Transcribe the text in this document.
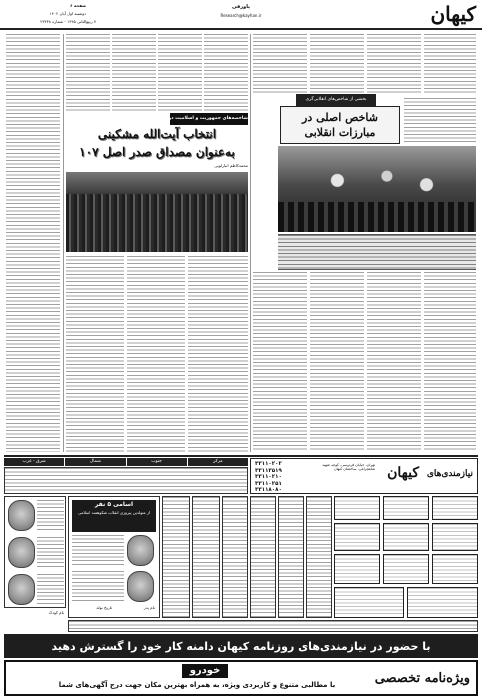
کیهان
پاورقی
Research@kayhan.ir
صفحه ۶
دوشنبه اول آبان ۱۴۰۲
۷ ربیع‌الثانی ۱۴۴۵ - شماره ۲۳۴۳۸
شاخصه‌های جمهوریت و اسلامیت در انتخاب ولی‌فقیه - ۵۴
انتخاب آیت‌الله مشکینی
به‌عنوان مصداق صدر اصل ۱۰۷
محمدکاظم انبارلویی
بخشی از شاخص‌های انقلابی‌گری
شاخص اصلی در مبارزات انقلابی
نیازمندی‌های
کیهان
تهران، خیابان فردوسی، کوچه شهید شاهچراغی، ساختمان کیهان
۳۳۱۱۰۲۰۲
۳۳۱۱۳۵۱۹
۳۳۱۱۰۲۱۰
۳۳۱۱۰۲۵۱
۳۳۱۱۸۰۸۰
مرکز
جنوب
شمال
شرق - غرب
نام کودک
اسامی ۵ نفر
از متولدین پیروزی انقلاب شکوهمند اسلامی
تاریخ تولد	نام پدر
با حضور در نیازمندی‌های روزنامه کیهان دامنه کار خود را گسترش دهید
ویژه‌نامه تخصصی
خودرو
با مطالبی متنوع و کاربردی ویژه، به همراه بهترین مکان جهت درج آگهی‌های شما
